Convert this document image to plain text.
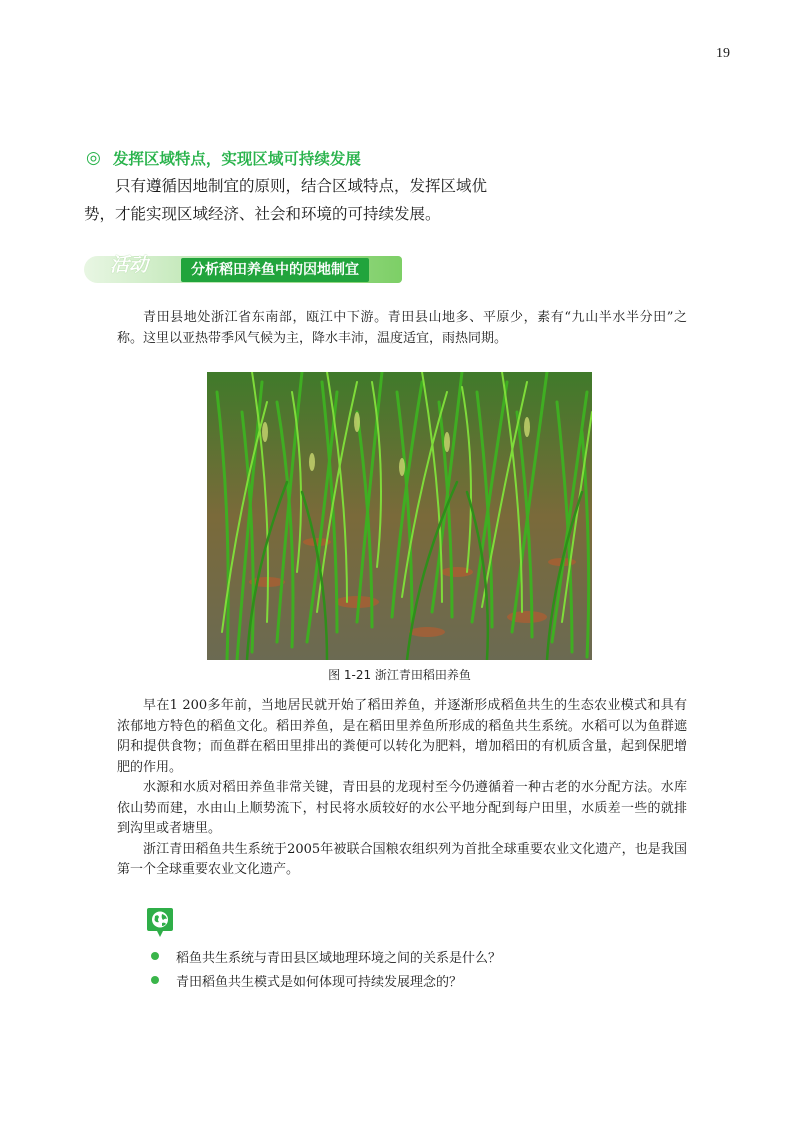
19
◎ 发挥区域特点，实现区域可持续发展

只有遵循因地制宜的原则，结合区域特点，发挥区域优势，才能实现区域经济、社会和环境的可持续发展。

活动	分析稻田养鱼中的因地制宜

青田县地处浙江省东南部，瓯江中下游。青田县山地多、平原少，素有“九山半水半分田”之称。这里以亚热带季风气候为主，降水丰沛，温度适宜，雨热同期。

图 1-21 浙江青田稻田养鱼

早在1 200多年前，当地居民就开始了稻田养鱼，并逐渐形成稻鱼共生的生态农业模式和具有浓郁地方特色的稻鱼文化。稻田养鱼，是在稻田里养鱼所形成的稻鱼共生系统。水稻可以为鱼群遮阴和提供食物；而鱼群在稻田里排出的粪便可以转化为肥料，增加稻田的有机质含量，起到保肥增肥的作用。

水源和水质对稻田养鱼非常关键，青田县的龙现村至今仍遵循着一种古老的水分配方法。水库依山势而建，水由山上顺势流下，村民将水质较好的水公平地分配到每户田里，水质差一些的就排到沟里或者塘里。

浙江青田稻鱼共生系统于2005年被联合国粮农组织列为首批全球重要农业文化遗产，也是我国第一个全球重要农业文化遗产。

稻鱼共生系统与青田县区域地理环境之间的关系是什么？
青田稻鱼共生模式是如何体现可持续发展理念的？
